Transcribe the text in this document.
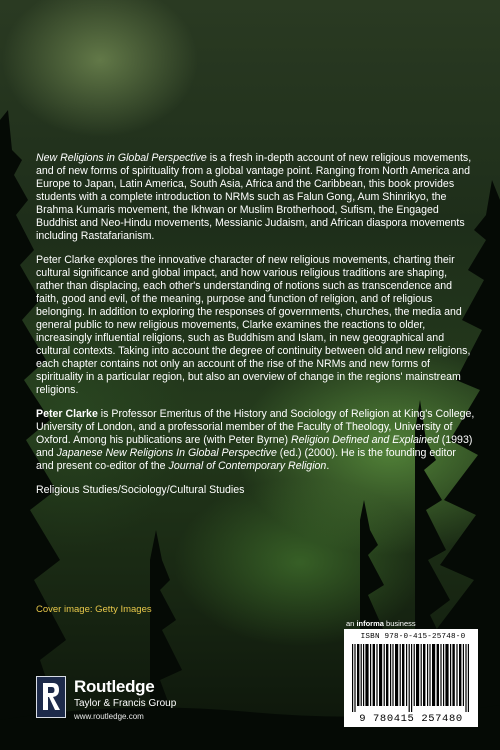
New Religions in Global Perspective is a fresh in-depth account of new religious movements, and of new forms of spirituality from a global vantage point. Ranging from North America and Europe to Japan, Latin America, South Asia, Africa and the Caribbean, this book provides students with a complete introduction to NRMs such as Falun Gong, Aum Shinrikyo, the Brahma Kumaris movement, the Ikhwan or Muslim Brotherhood, Sufism, the Engaged Buddhist and Neo-Hindu movements, Messianic Judaism, and African diaspora movements including Rastafarianism.

Peter Clarke explores the innovative character of new religious movements, charting their cultural significance and global impact, and how various religious traditions are shaping, rather than displacing, each other's understanding of notions such as transcendence and faith, good and evil, of the meaning, purpose and function of religion, and of religious belonging. In addition to exploring the responses of governments, churches, the media and general public to new religious movements, Clarke examines the reactions to older, increasingly influential religions, such as Buddhism and Islam, in new geographical and cultural contexts. Taking into account the degree of continuity between old and new religions, each chapter contains not only an account of the rise of the NRMs and new forms of spirituality in a particular region, but also an overview of change in the regions' mainstream religions.

Peter Clarke is Professor Emeritus of the History and Sociology of Religion at King's College, University of London, and a professorial member of the Faculty of Theology, University of Oxford. Among his publications are (with Peter Byrne) Religion Defined and Explained (1993) and Japanese New Religions In Global Perspective (ed.) (2000). He is the founding editor and present co-editor of the Journal of Contemporary Religion.

Religious Studies/Sociology/Cultural Studies

Cover image: Getty Images
an informa business
Routledge
Taylor & Francis Group
www.routledge.com
ISBN 978-0-415-25748-0
9 780415 257480
